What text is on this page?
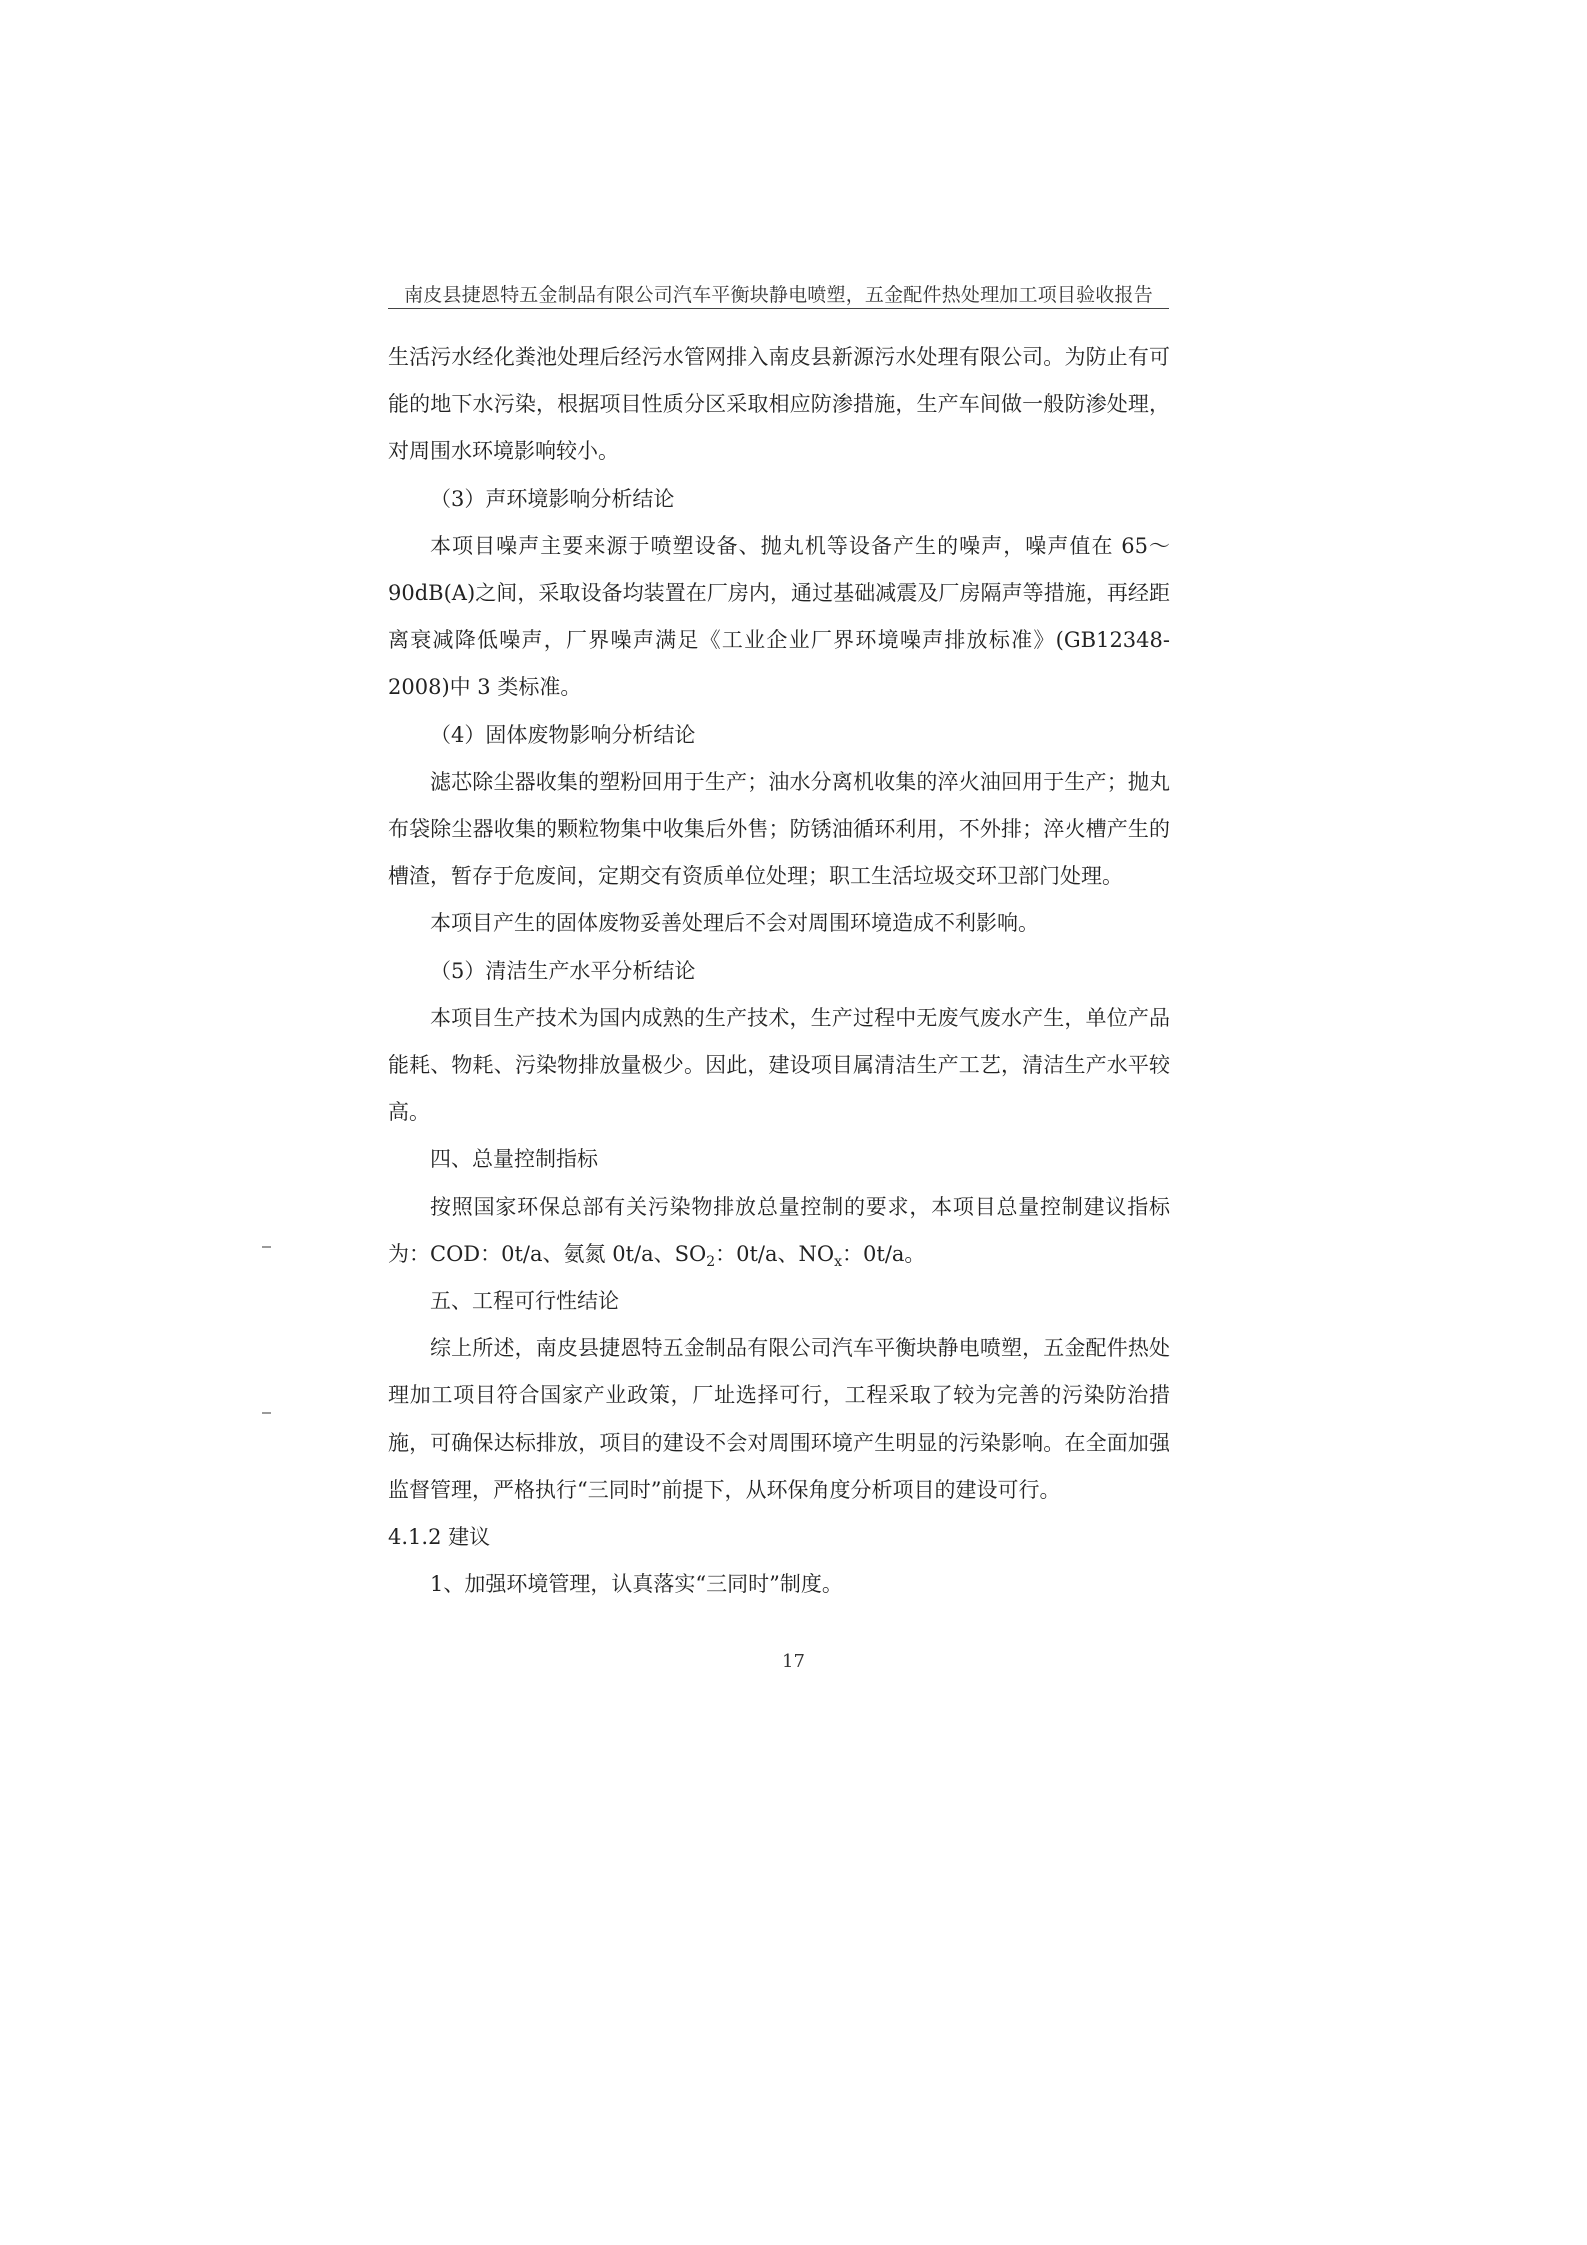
南皮县捷恩特五金制品有限公司汽车平衡块静电喷塑，五金配件热处理加工项目验收报告

生活污水经化粪池处理后经污水管网排入南皮县新源污水处理有限公司。为防止有可能的地下水污染，根据项目性质分区采取相应防渗措施，生产车间做一般防渗处理，对周围水环境影响较小。

（3）声环境影响分析结论

本项目噪声主要来源于喷塑设备、抛丸机等设备产生的噪声，噪声值在 65～90dB(A)之间，采取设备均装置在厂房内，通过基础减震及厂房隔声等措施，再经距离衰减降低噪声，厂界噪声满足《工业企业厂界环境噪声排放标准》(GB12348-2008)中 3 类标准。

（4）固体废物影响分析结论

滤芯除尘器收集的塑粉回用于生产；油水分离机收集的淬火油回用于生产；抛丸布袋除尘器收集的颗粒物集中收集后外售；防锈油循环利用，不外排；淬火槽产生的槽渣，暂存于危废间，定期交有资质单位处理；职工生活垃圾交环卫部门处理。

本项目产生的固体废物妥善处理后不会对周围环境造成不利影响。

（5）清洁生产水平分析结论

本项目生产技术为国内成熟的生产技术，生产过程中无废气废水产生，单位产品能耗、物耗、污染物排放量极少。因此，建设项目属清洁生产工艺，清洁生产水平较高。

四、总量控制指标

按照国家环保总部有关污染物排放总量控制的要求，本项目总量控制建议指标为：COD：0t/a、氨氮 0t/a、$SO_2$：0t/a、$NO_x$：0t/a。

五、工程可行性结论

综上所述，南皮县捷恩特五金制品有限公司汽车平衡块静电喷塑，五金配件热处理加工项目符合国家产业政策，厂址选择可行，工程采取了较为完善的污染防治措施，可确保达标排放，项目的建设不会对周围环境产生明显的污染影响。在全面加强监督管理，严格执行“三同时”前提下，从环保角度分析项目的建设可行。

4.1.2 建议

1、加强环境管理，认真落实“三同时”制度。

17
